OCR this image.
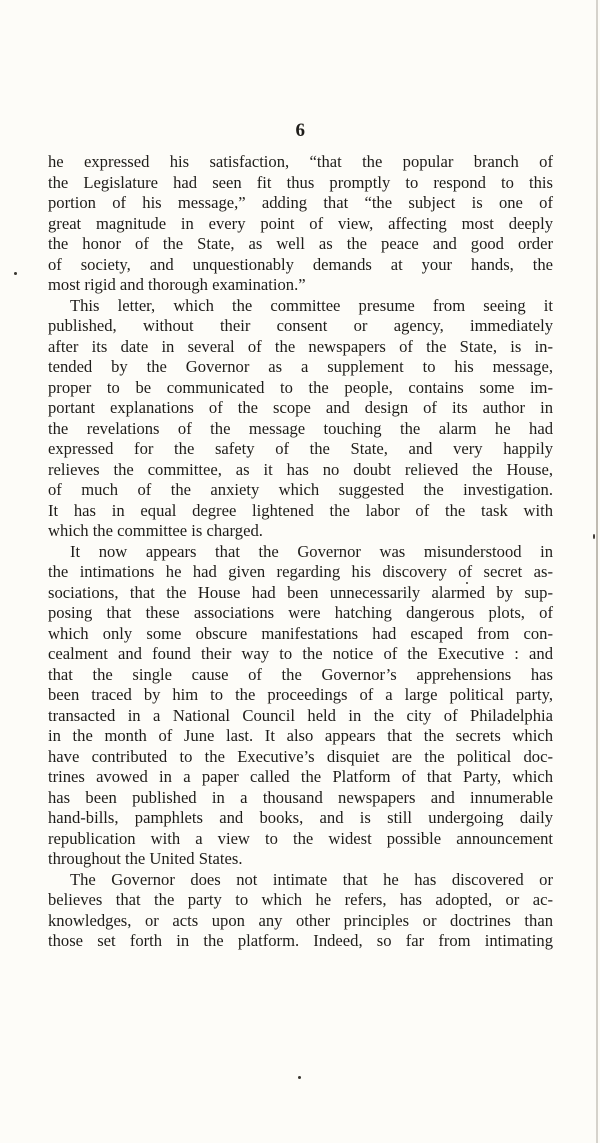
6

he expressed his satisfaction, “that the popular branch of
the Legislature had seen fit thus promptly to respond to this
portion of his message,” adding that “the subject is one of
great magnitude in every point of view, affecting most deeply
the honor of the State, as well as the peace and good order
of society, and unquestionably demands at your hands, the
most rigid and thorough examination.”

This letter, which the committee presume from seeing it
published, without their consent or agency, immediately
after its date in several of the newspapers of the State, is in-
tended by the Governor as a supplement to his message,
proper to be communicated to the people, contains some im-
portant explanations of the scope and design of its author in
the revelations of the message touching the alarm he had
expressed for the safety of the State, and very happily
relieves the committee, as it has no doubt relieved the House,
of much of the anxiety which suggested the investigation.
It has in equal degree lightened the labor of the task with
which the committee is charged.

It now appears that the Governor was misunderstood in
the intimations he had given regarding his discovery of secret as-
sociations, that the House had been unnecessarily alarmed by sup-
posing that these associations were hatching dangerous plots, of
which only some obscure manifestations had escaped from con-
cealment and found their way to the notice of the Executive : and
that the single cause of the Governor’s apprehensions has
been traced by him to the proceedings of a large political party,
transacted in a National Council held in the city of Philadelphia
in the month of June last. It also appears that the secrets which
have contributed to the Executive’s disquiet are the political doc-
trines avowed in a paper called the Platform of that Party, which
has been published in a thousand newspapers and innumerable
hand-bills, pamphlets and books, and is still undergoing daily
republication with a view to the widest possible announcement
throughout the United States.

The Governor does not intimate that he has discovered or
believes that the party to which he refers, has adopted, or ac-
knowledges, or acts upon any other principles or doctrines than
those set forth in the platform. Indeed, so far from intimating
